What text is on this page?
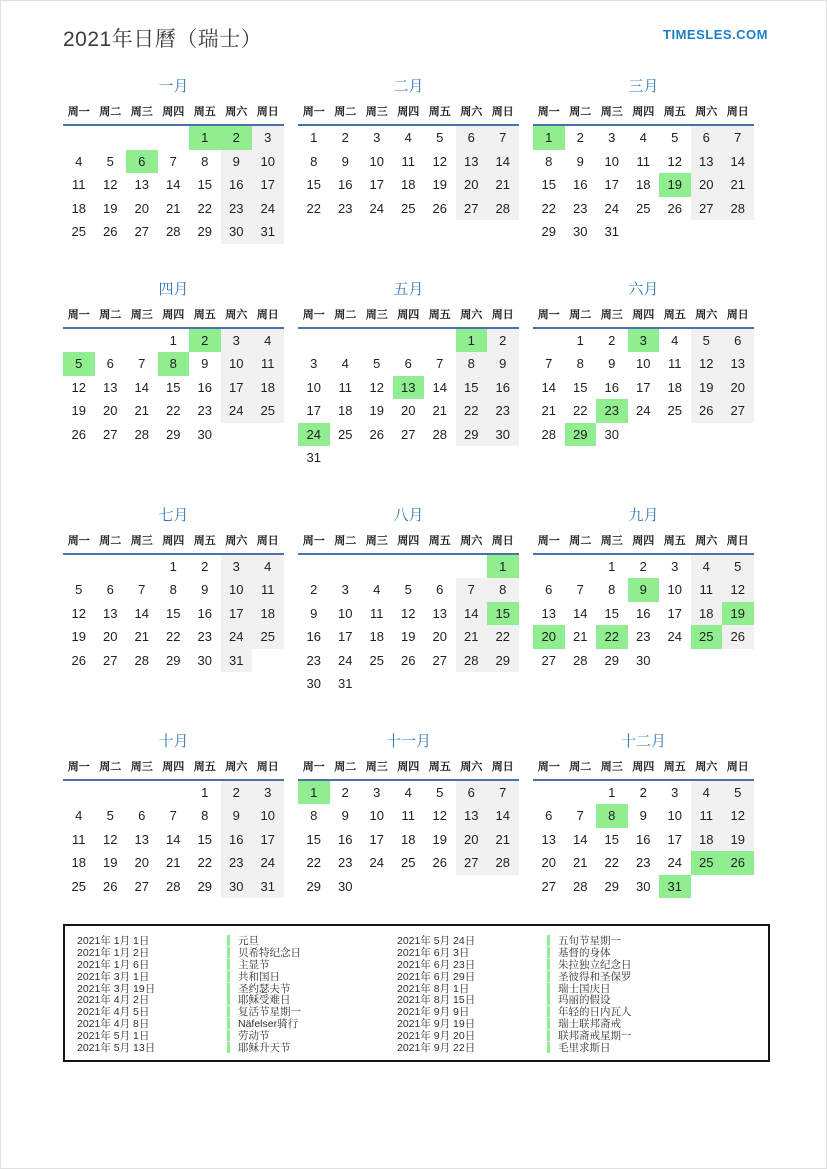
2021年日曆（瑞士）	TIMESLES.COM
一月
周一	周二	周三	周四	周五	周六	周日
				1	2	3
4	5	6	7	8	9	10
11	12	13	14	15	16	17
18	19	20	21	22	23	24
25	26	27	28	29	30	31
二月
周一	周二	周三	周四	周五	周六	周日
1	2	3	4	5	6	7
8	9	10	11	12	13	14
15	16	17	18	19	20	21
22	23	24	25	26	27	28
三月
周一	周二	周三	周四	周五	周六	周日
1	2	3	4	5	6	7
8	9	10	11	12	13	14
15	16	17	18	19	20	21
22	23	24	25	26	27	28
29	30	31				
四月
周一	周二	周三	周四	周五	周六	周日
			1	2	3	4
5	6	7	8	9	10	11
12	13	14	15	16	17	18
19	20	21	22	23	24	25
26	27	28	29	30		
五月
周一	周二	周三	周四	周五	周六	周日
					1	2
3	4	5	6	7	8	9
10	11	12	13	14	15	16
17	18	19	20	21	22	23
24	25	26	27	28	29	30
31						
六月
周一	周二	周三	周四	周五	周六	周日
	1	2	3	4	5	6
7	8	9	10	11	12	13
14	15	16	17	18	19	20
21	22	23	24	25	26	27
28	29	30				
七月
周一	周二	周三	周四	周五	周六	周日
			1	2	3	4
5	6	7	8	9	10	11
12	13	14	15	16	17	18
19	20	21	22	23	24	25
26	27	28	29	30	31	
八月
周一	周二	周三	周四	周五	周六	周日
						1
2	3	4	5	6	7	8
9	10	11	12	13	14	15
16	17	18	19	20	21	22
23	24	25	26	27	28	29
30	31					
九月
周一	周二	周三	周四	周五	周六	周日
		1	2	3	4	5
6	7	8	9	10	11	12
13	14	15	16	17	18	19
20	21	22	23	24	25	26
27	28	29	30			
十月
周一	周二	周三	周四	周五	周六	周日
				1	2	3
4	5	6	7	8	9	10
11	12	13	14	15	16	17
18	19	20	21	22	23	24
25	26	27	28	29	30	31
十一月
周一	周二	周三	周四	周五	周六	周日
1	2	3	4	5	6	7
8	9	10	11	12	13	14
15	16	17	18	19	20	21
22	23	24	25	26	27	28
29	30					
十二月
周一	周二	周三	周四	周五	周六	周日
		1	2	3	4	5
6	7	8	9	10	11	12
13	14	15	16	17	18	19
20	21	22	23	24	25	26
27	28	29	30	31		
2021年 1月 1日	元旦
2021年 1月 2日	贝希特纪念日
2021年 1月 6日	主显节
2021年 3月 1日	共和国日
2021年 3月 19日	圣约瑟夫节
2021年 4月 2日	耶稣受难日
2021年 4月 5日	复活节星期一
2021年 4月 8日	Näfelser骑行
2021年 5月 1日	劳动节
2021年 5月 13日	耶稣升天节
2021年 5月 24日	五旬节星期一
2021年 6月 3日	基督的身体
2021年 6月 23日	朱拉独立纪念日
2021年 6月 29日	圣彼得和圣保罗
2021年 8月 1日	瑞士国庆日
2021年 8月 15日	玛丽的假设
2021年 9月 9日	年轻的日内瓦人
2021年 9月 19日	瑞士联邦斋戒
2021年 9月 20日	联邦斋戒星期一
2021年 9月 22日	毛里求斯日
